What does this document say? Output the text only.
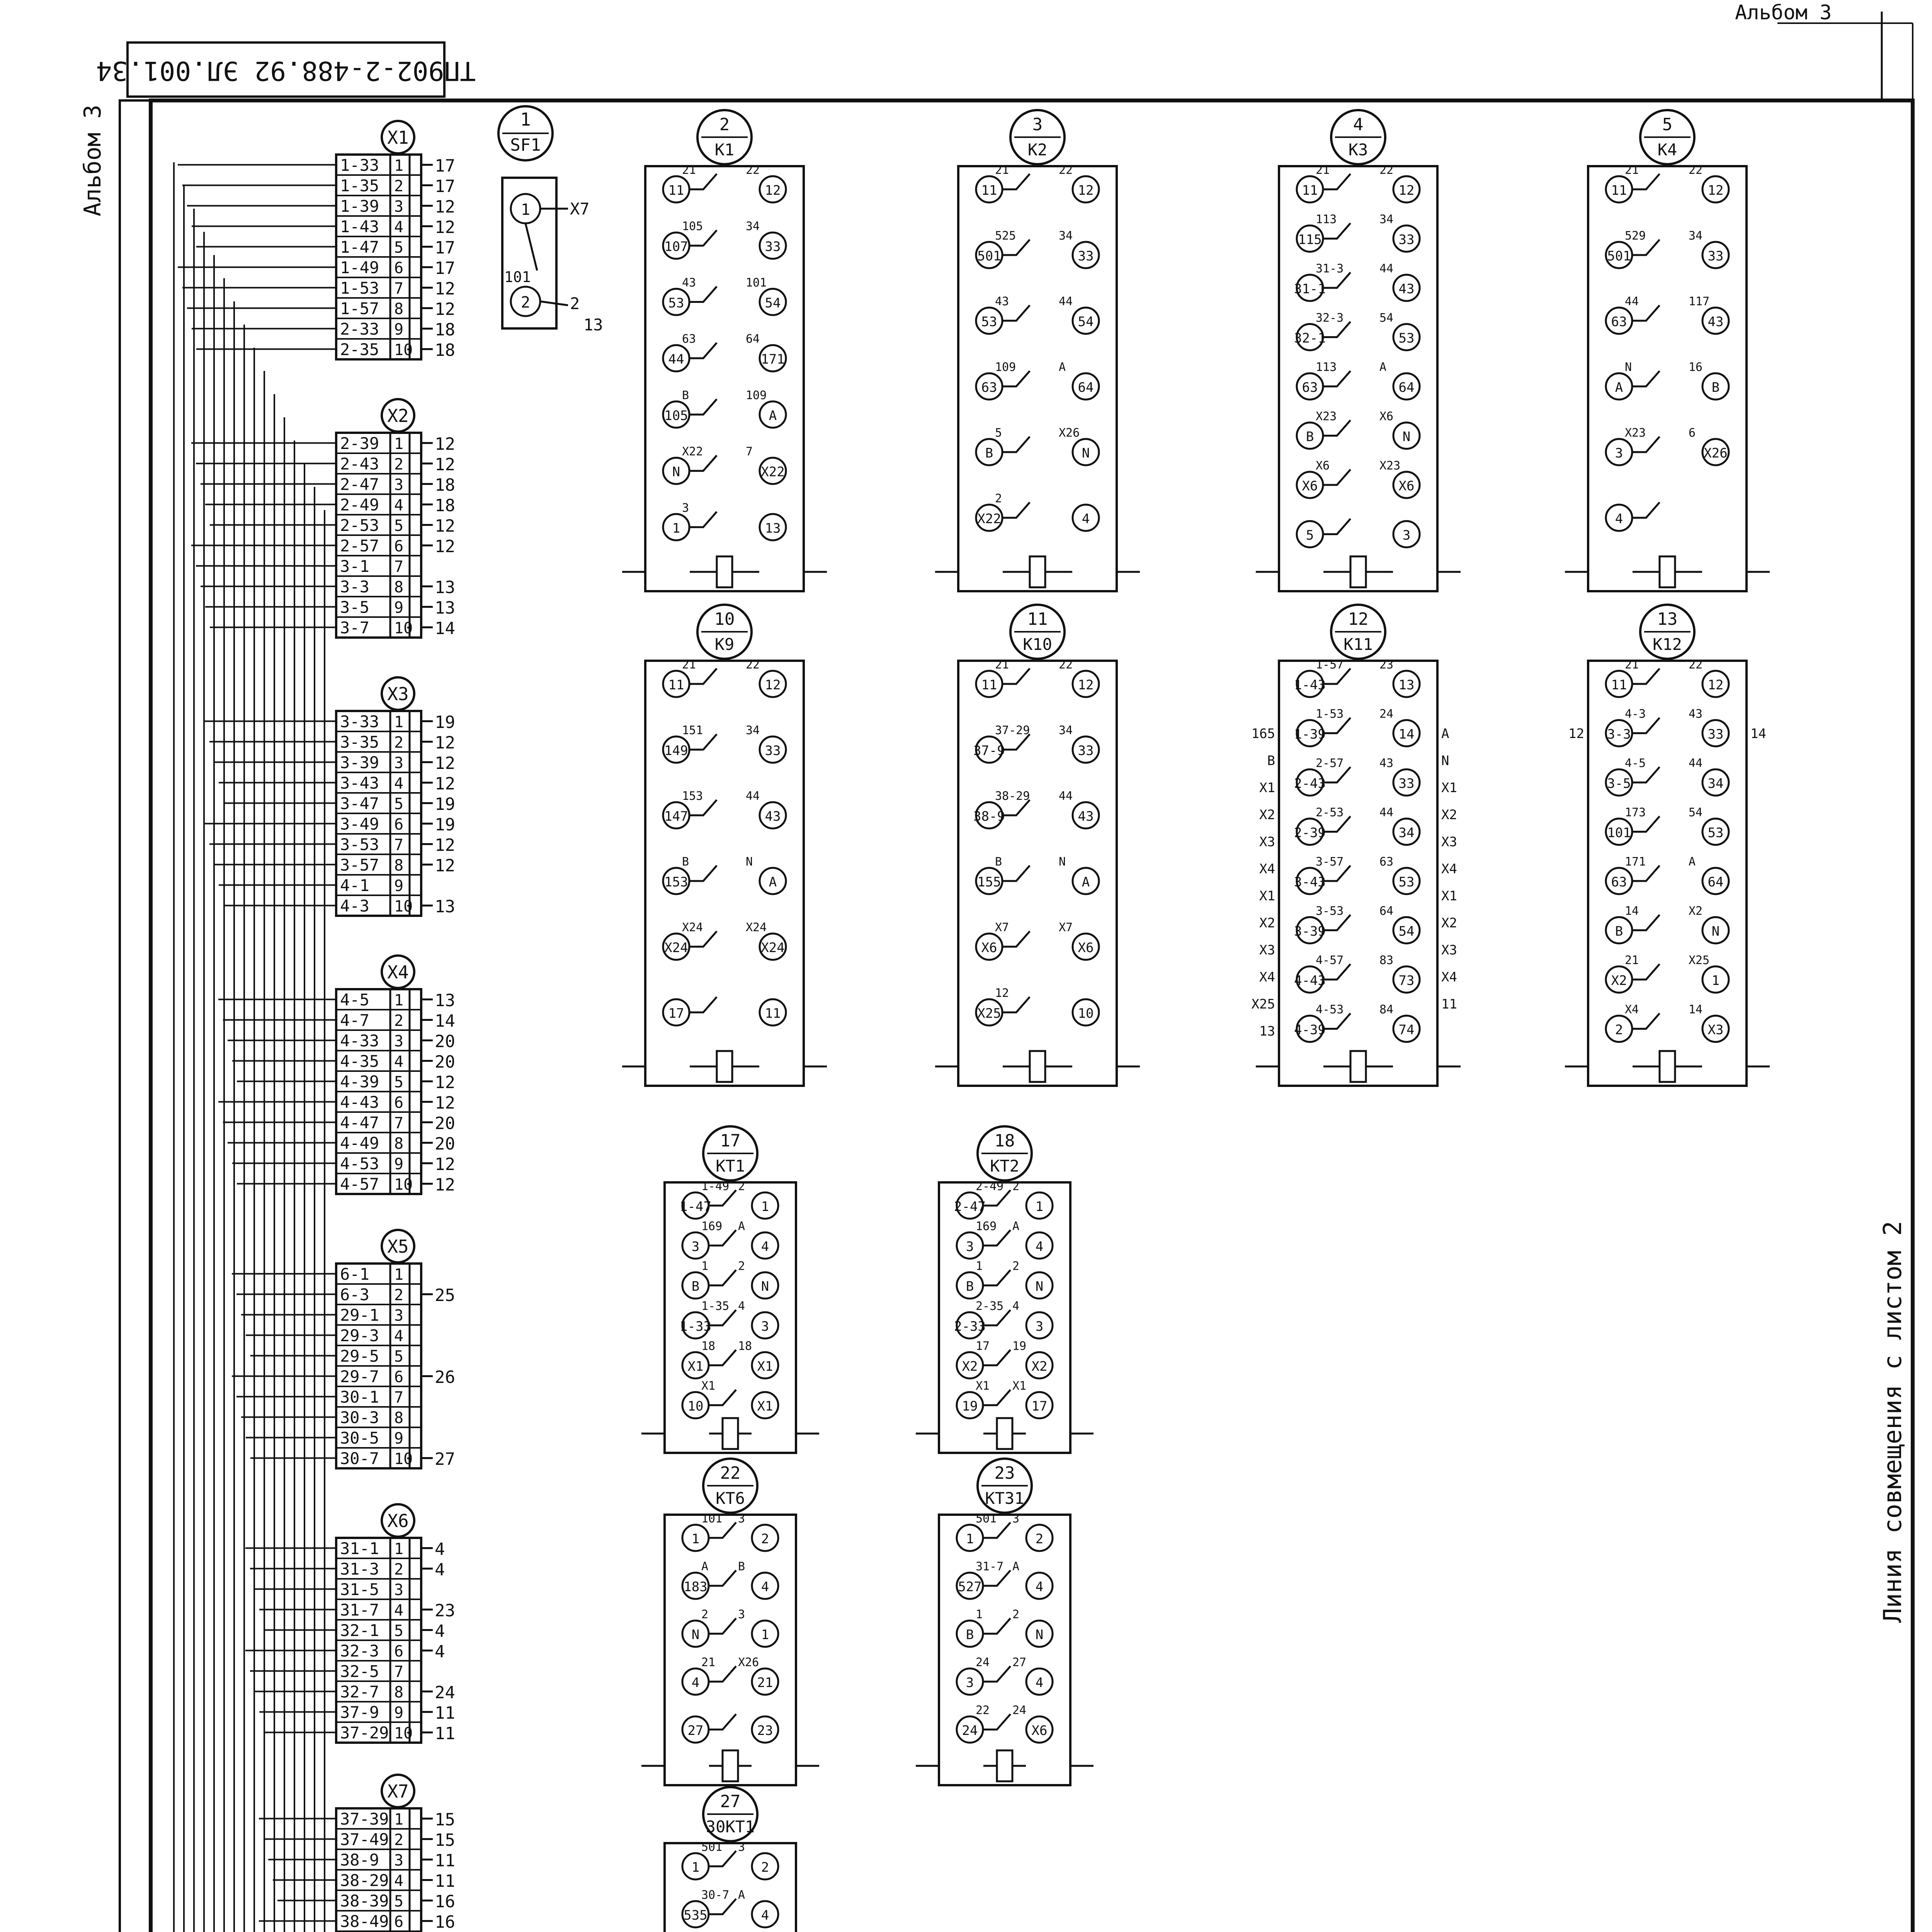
Альбом 3
ТП902-2-488.92 ЭЛ.001.34
Альбом 3
Линия совмещения с листом 2
X1
1-33 1 17
1-35 2 17
1-39 3 12
1-43 4 12
1-47 5 17
1-49 6 17
1-53 7 12
1-57 8 12
2-33 9 18
2-35 10 18
X2
2-39 1 12
2-43 2 12
2-47 3 18
2-49 4 18
2-53 5 12
2-57 6 12
3-1 7
3-3 8 13
3-5 9 13
3-7 10 14
X3
3-33 1 19
3-35 2 12
3-39 3 12
3-43 4 12
3-47 5 19
3-49 6 19
3-53 7 12
3-57 8 12
4-1 9
4-3 10 13
X4
4-5 1 13
4-7 2 14
4-33 3 20
4-35 4 20
4-39 5 12
4-43 6 12
4-47 7 20
4-49 8 20
4-53 9 12
4-57 10 12
X5
6-1 1
6-3 2 25
29-1 3
29-3 4
29-5 5
29-7 6 26
30-1 7
30-3 8
30-5 9
30-7 10 27
X6
31-1 1 4
31-3 2 4
31-5 3
31-7 4 23
32-1 5 4
32-3 6 4
32-5 7
32-7 8 24
37-9 9 11
37-29 10 11
X7
37-39 1 15
37-49 2 15
38-9 3 11
38-29 4 11
38-39 5 16
38-49 6 16
1
SF1
1
2
101
X7
2
13
2
К1
11	12
21	22
107	33
105	34
53	54
43	101
44	171
63	64
105	A
B	109
N	X22
X22	7
1	13
3
3
К2
11	12
21	22
501	33
525	34
53	54
43	44
63	64
109	A
B	N
5	X26
X22	4
2
4
К3
11	12
21	22
115	33
113	34
31-1	43
31-3	44
32-1	53
32-3	54
63	64
113	A
B	N
X23	X6
X6	X6
X6	X23
5	3
5
К4
11	12
21	22
501	33
529	34
63	43
44	117
A	B
N	16
3	X26
X23	6
4
10
К9
11	12
21	22
149	33
151	34
147	43
153	44
153	A
B	N
X24	X24
X24	X24
17	11
11
К10
11	12
21	22
37-9	33
37-29 34
38-9	43
38-29 44
155	A
B	N
X6	X6
X7	X7
X25	10
12
12
К11
1-43	13
1-57	23
1-39	14
1-53	24
2-43	33
2-57	43
2-39	34
2-53	44
3-43	53
3-57	63
3-39	54
3-53	64
4-43	73
4-57	83
4-39	74
4-53	84
165	A
B	N
X1	X1
X2	X2
X3	X3
X4	X4
X1	X1
X2	X2
X3	X3
X4	X4
X25	11
13
13
К12
11	12
21	22
3-3	33
4-3	43
3-5	34
4-5	44
101	53
173	54
63	64
171	A
B	N
14	X2
X2	1
21	X25
2	X3
X4	14
12	14
17
КТ1
1-47	1
1-49 2
3	4
169 A
B	N
1	2
1-33	3
1-35 4
X1	X1
18 18
10	X1
X1
18
КТ2
2-47	1
2-49 2
3	4
169 A
B	N
1	2
2-33	3
2-35 4
X2	X2
17 19
19	17
X1 X1
22
КТ6
1	2
101 3
183	4
A	B
N	1
2	3
4	21
21 X26
27	23
23
КТ31
1	2
501 3
527	4
31-7 A
B	N
1	2
3	4
24 27
24	X6
22 24
27
30КТ1
1	2
501 3
535	4
30-7 A
